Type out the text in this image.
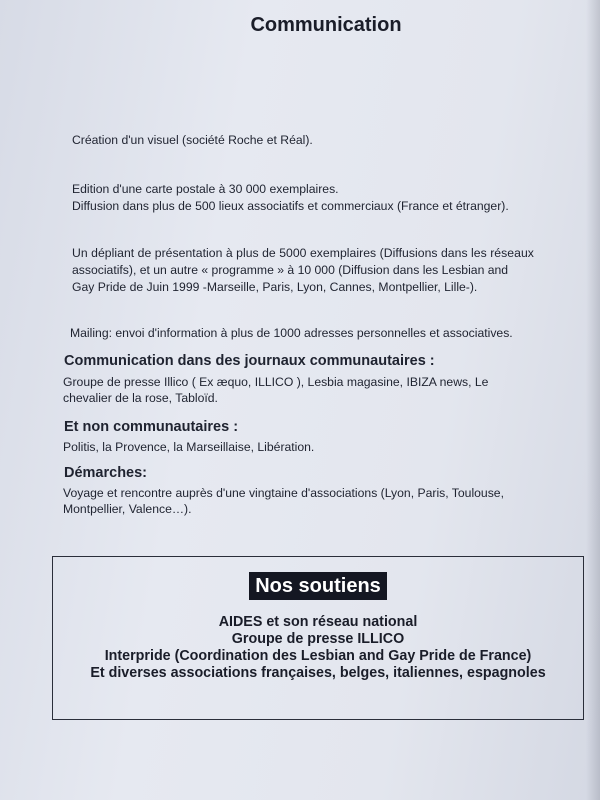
Communication

Création d'un visuel (société Roche et Réal).

Edition d'une carte postale à 30 000 exemplaires.

Diffusion dans plus de 500 lieux associatifs et commerciaux (France et étranger).

Un dépliant de présentation à plus de 5000 exemplaires (Diffusions dans les réseaux

associatifs), et un autre « programme » à 10 000 (Diffusion dans les Lesbian and

Gay Pride de Juin 1999 -Marseille, Paris, Lyon, Cannes, Montpellier, Lille-).

Mailing: envoi d'information à plus de 1000 adresses personnelles et associatives.

Communication dans des journaux communautaires :

Groupe de presse Illico ( Ex æquo, ILLICO ), Lesbia magasine, IBIZA news, Le

chevalier de la rose, Tabloïd.

Et non communautaires :

Politis, la Provence, la Marseillaise, Libération.

Démarches:

Voyage et rencontre auprès d'une vingtaine d'associations (Lyon, Paris, Toulouse,

Montpellier, Valence…).

Nos soutiens
AIDES et son réseau national
Groupe de presse ILLICO
Interpride (Coordination des Lesbian and Gay Pride de France)
Et diverses associations françaises, belges, italiennes, espagnoles
